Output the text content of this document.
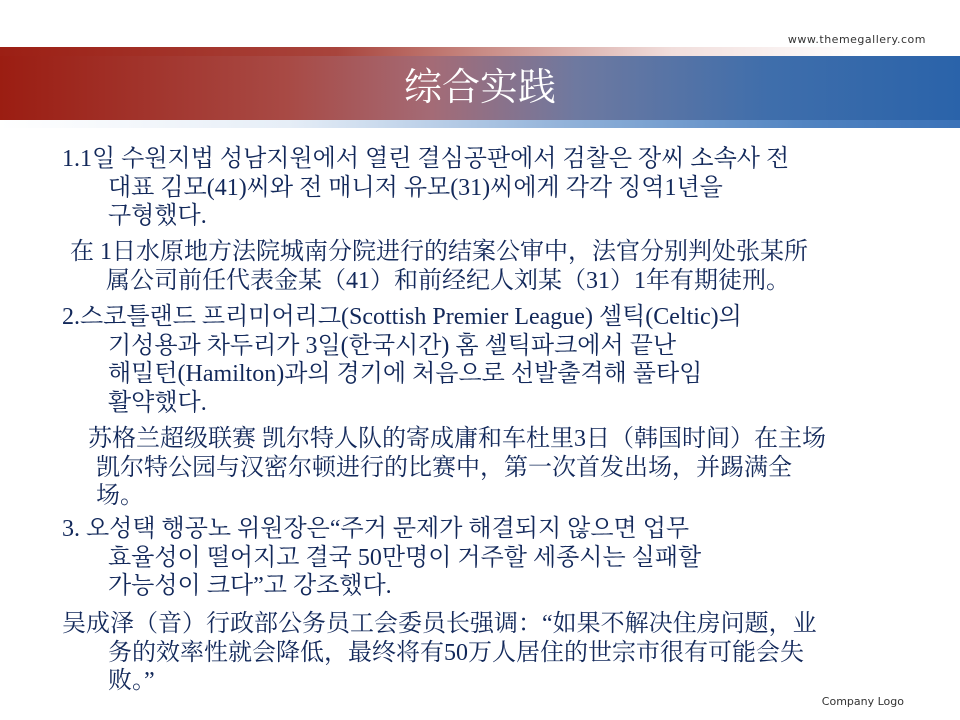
www.themegallery.com
综合实践
1.1일 수원지법 성남지원에서 열린 결심공판에서 검찰은 장씨 소속사 전
대표 김모(41)씨와 전 매니저 유모(31)씨에게 각각 징역1년을
구형했다.
在 1日水原地方法院城南分院进行的结案公审中，法官分别判处张某所
属公司前任代表金某（41）和前经纪人刘某（31）1年有期徒刑。
2.스코틀랜드 프리미어리그(Scottish Premier League) 셀틱(Celtic)의
기성용과 차두리가 3일(한국시간) 홈 셀틱파크에서 끝난
해밀턴(Hamilton)과의 경기에 처음으로 선발출격해 풀타임
활약했다.
苏格兰超级联赛 凯尔特人队的寄成庸和车杜里3日（韩国时间）在主场
凯尔特公园与汉密尔顿进行的比赛中，第一次首发出场，并踢满全
场。
3. 오성택 행공노 위원장은“주거 문제가 해결되지 않으면 업무
효율성이 떨어지고 결국 50만명이 거주할 세종시는 실패할
가능성이 크다”고 강조했다.
吴成泽（音）行政部公务员工会委员长强调：“如果不解决住房问题，业
务的效率性就会降低，最终将有50万人居住的世宗市很有可能会失
败。”
Company Logo
